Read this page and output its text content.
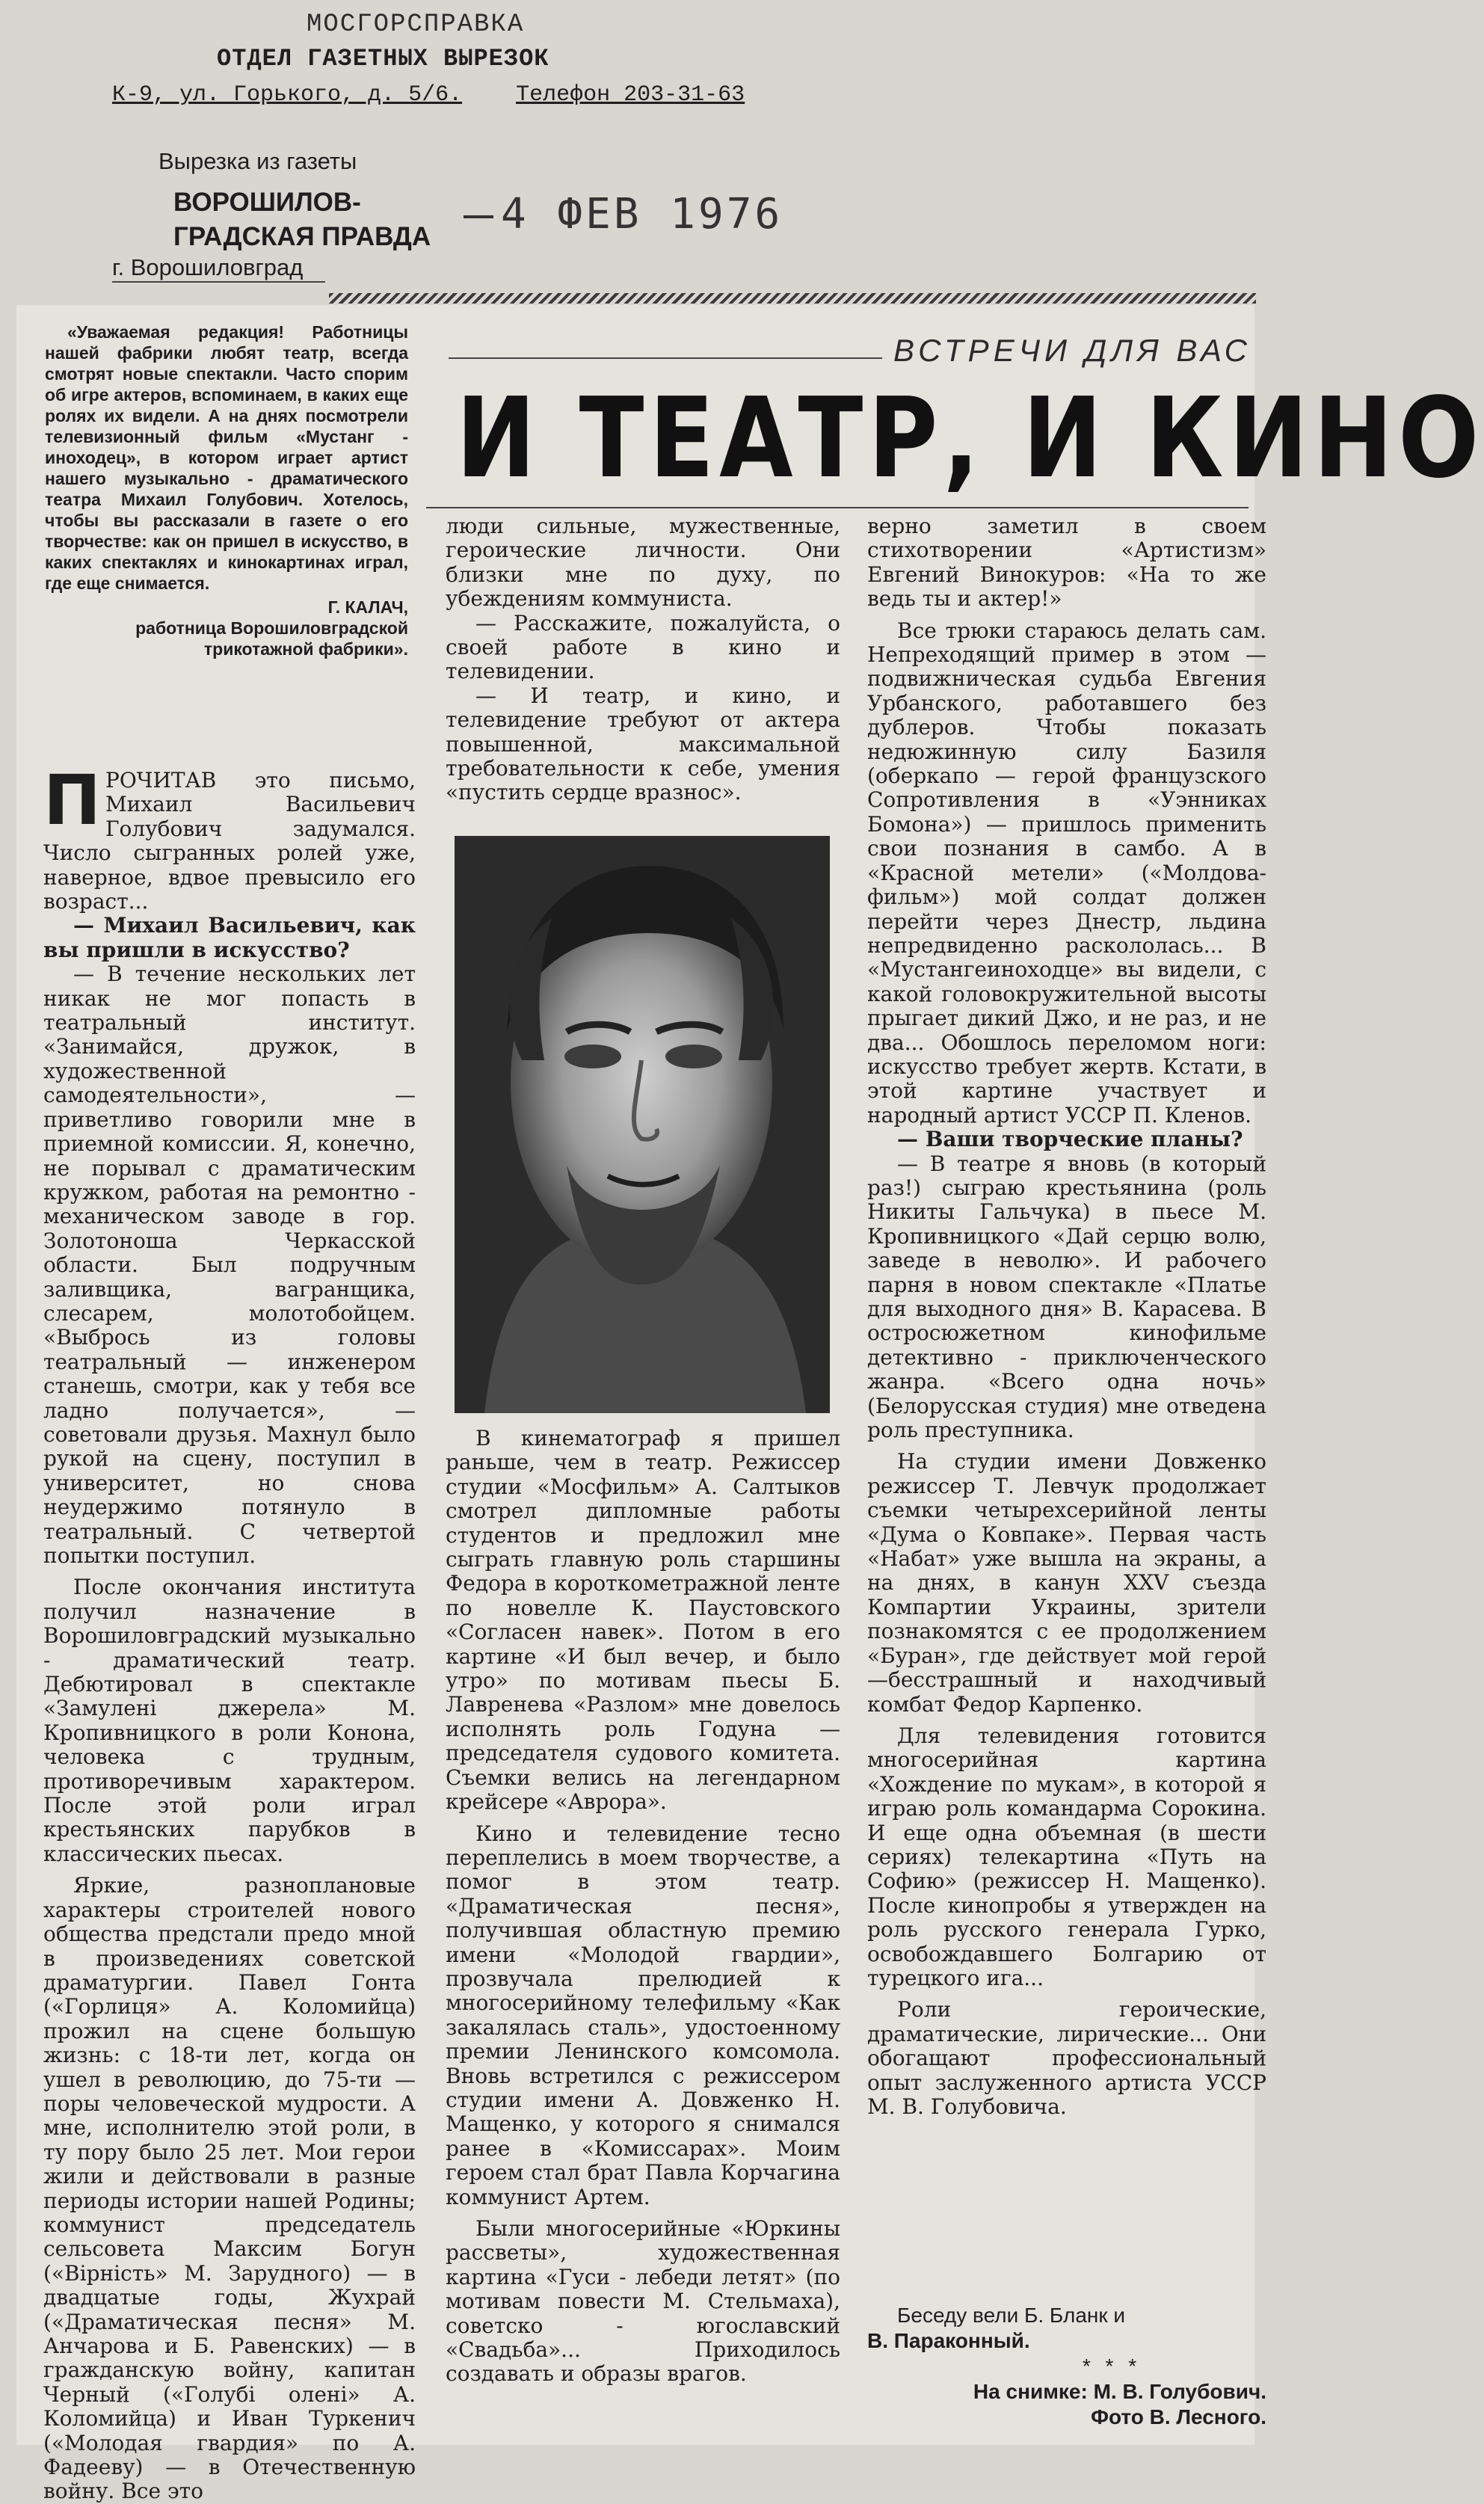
МОСГОРСПРАВКА
ОТДЕЛ ГАЗЕТНЫХ ВЫРЕЗОК
К-9, ул. Горького, д. 5/6. Телефон 203-31-63
Вырезка из газеты
ВОРОШИЛОВ-
ГРАДСКАЯ ПРАВДА	4 ФЕВ 1976
г. Ворошиловград

«Уважаемая редакция! Работницы нашей фабрики любят театр, всегда смотрят новые спектакли. Часто спорим об игре актеров, вспоминаем, в каких еще ролях их видели. А на днях посмотрели телевизионный фильм «Мустанг - иноходец», в котором играет артист нашего музыкально - драматического театра Михаил Голубович. Хотелось, чтобы вы рассказали в газете о его творчестве: как он пришел в искусство, в каких спектаклях и кинокартинах играл, где еще снимается.

Г. КАЛАЧ,
работница Ворошиловградской трикотажной фабрики».
ВСТРЕЧИ ДЛЯ ВАС
И ТЕАТР, И КИНО

ПРОЧИТАВ это письмо, Михаил Васильевич Голубович задумался. Число сыгранных ролей уже, наверное, вдвое превысило его возраст...

— Михаил Васильевич, как вы пришли в искусство?

— В течение нескольких лет никак не мог попасть в театральный институт. «Занимайся, дружок, в художественной самодеятельности», — приветливо говорили мне в приемной комиссии. Я, конечно, не порывал с драматическим кружком, работая на ремонтно - механическом заводе в гор. Золотоноша Черкасской области. Был подручным заливщика, вагранщика, слесарем, молотобойцем. «Выбрось из головы театральный — инженером станешь, смотри, как у тебя все ладно получается», — советовали друзья. Махнул было рукой на сцену, поступил в университет, но снова неудержимо потянуло в театральный. С четвертой попытки поступил.

После окончания института получил назначение в Ворошиловградский музыкально - драматический театр. Дебютировал в спектакле «Замулені джерела» М. Кропивницкого в роли Конона, человека с трудным, противоречивым характером. После этой роли играл крестьянских парубков в классических пьесах.

Яркие, разноплановые характеры строителей нового общества предстали предо мной в произведениях советской драматургии. Павел Гонта («Горлиця» А. Коломийца) прожил на сцене большую жизнь: с 18-ти лет, когда он ушел в революцию, до 75-ти — поры человеческой мудрости. А мне, исполнителю этой роли, в ту пору было 25 лет. Мои герои жили и действовали в разные периоды истории нашей Родины; коммунист председатель сельсовета Максим Богун («Вірність» М. Зарудного) — в двадцатые годы, Жухрай («Драматическая песня» М. Анчарова и Б. Равенских) — в гражданскую войну, капитан Черный («Голубі олені» А. Коломийца) и Иван Туркенич («Молодая гвардия» по А. Фадееву) — в Отечественную войну. Все это

люди сильные, мужественные, героические личности. Они близки мне по духу, по убеждениям коммуниста.

— Расскажите, пожалуйста, о своей работе в кино и телевидении.

— И театр, и кино, и телевидение требуют от актера повышенной, максимальной требовательности к себе, умения «пустить сердце вразнос».

В кинематограф я пришел раньше, чем в театр. Режиссер студии «Мосфильм» А. Салтыков смотрел дипломные работы студентов и предложил мне сыграть главную роль старшины Федора в короткометражной ленте по новелле К. Паустовского «Согласен навек». Потом в его картине «И был вечер, и было утро» по мотивам пьесы Б. Лавренева «Разлом» мне довелось исполнять роль Годуна — председателя судового комитета. Съемки велись на легендарном крейсере «Аврора».

Кино и телевидение тесно переплелись в моем творчестве, а помог в этом театр. «Драматическая песня», получившая областную премию имени «Молодой гвардии», прозвучала прелюдией к многосерийному телефильму «Как закалялась сталь», удостоенному премии Ленинского комсомола. Вновь встретился с режиссером студии имени А. Довженко Н. Мащенко, у которого я снимался ранее в «Комиссарах». Моим героем стал брат Павла Корчагина коммунист Артем.

Были многосерийные «Юркины рассветы», художественная картина «Гуси - лебеди летят» (по мотивам повести М. Стельмаха), советско - югославский «Свадьба»... Приходилось создавать и образы врагов.

верно заметил в своем стихотворении «Артистизм» Евгений Винокуров: «На то же ведь ты и актер!»

Все трюки стараюсь делать сам. Непреходящий пример в этом — подвижническая судьба Евгения Урбанского, работавшего без дублеров. Чтобы показать недюжинную силу Базиля (оберкапо — герой французского Сопротивления в «Уэнниках Бомона») — пришлось применить свои познания в самбо. А в «Красной метели» («Молдова-фильм») мой солдат должен перейти через Днестр, льдина непредвиденно раскололась... В «Мустангеиноходце» вы видели, с какой головокружительной высоты прыгает дикий Джо, и не раз, и не два... Обошлось переломом ноги: искусство требует жертв. Кстати, в этой картине участвует и народный артист УССР П. Кленов.

— Ваши творческие планы?

— В театре я вновь (в который раз!) сыграю крестьянина (роль Никиты Гальчука) в пьесе М. Кропивницкого «Дай серцю волю, заведе в неволю». И рабочего парня в новом спектакле «Платье для выходного дня» В. Карасева. В остросюжетном кинофильме детективно - приключенческого жанра. «Всего одна ночь» (Белорусская студия) мне отведена роль преступника.

На студии имени Довженко режиссер Т. Левчук продолжает съемки четырехсерийной ленты «Дума о Ковпаке». Первая часть «Набат» уже вышла на экраны, а на днях, в канун XXV съезда Компартии Украины, зрители познакомятся с ее продолжением «Буран», где действует мой герой—бесстрашный и находчивый комбат Федор Карпенко.

Для телевидения готовится многосерийная картина «Хождение по мукам», в которой я играю роль командарма Сорокина. И еще одна объемная (в шести сериях) телекартина «Путь на Софию» (режиссер Н. Мащенко). После кинопробы я утвержден на роль русского генерала Гурко, освобождавшего Болгарию от турецкого ига...

Роли героические, драматические, лирические... Они обогащают профессиональный опыт заслуженного артиста УССР М. В. Голубовича.

Беседу вели Б. Бланк и
В. Параконный.
* * *
На снимке: М. В. Голубович.
Фото В. Лесного.
